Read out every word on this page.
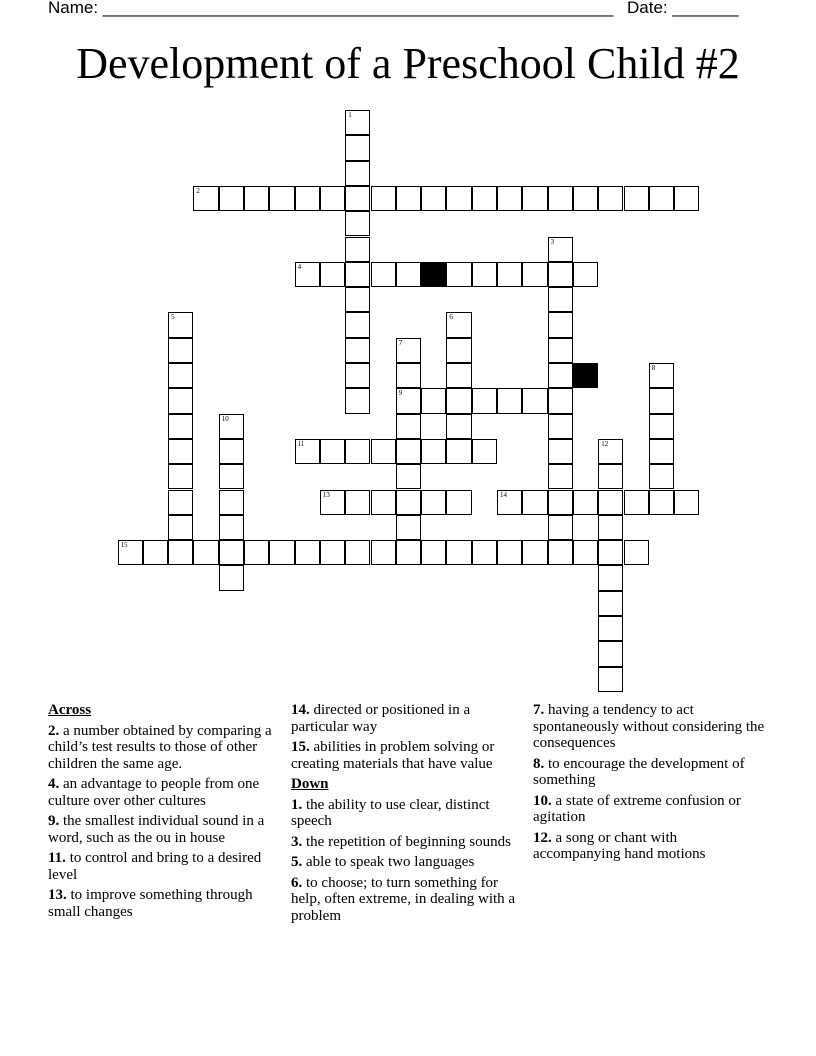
Name: ______________________________________________________ Date: _______
Development of a Preschool Child #2
1
2
3
4
5	6
7
9
8
10
11	12
13	14
15
Across
2. a number obtained by comparing a child’s test results to those of other children the same age.
4. an advantage to people from one culture over other cultures
9. the smallest individual sound in a word, such as the ou in house
11. to control and bring to a desired level
13. to improve something through small changes
14. directed or positioned in a particular way
15. abilities in problem solving or creating materials that have value
Down
1. the ability to use clear, distinct speech
3. the repetition of beginning sounds
5. able to speak two languages
6. to choose; to turn something for help, often extreme, in dealing with a problem
7. having a tendency to act spontaneously without considering the consequences
8. to encourage the development of something
10. a state of extreme confusion or agitation
12. a song or chant with accompanying hand motions
